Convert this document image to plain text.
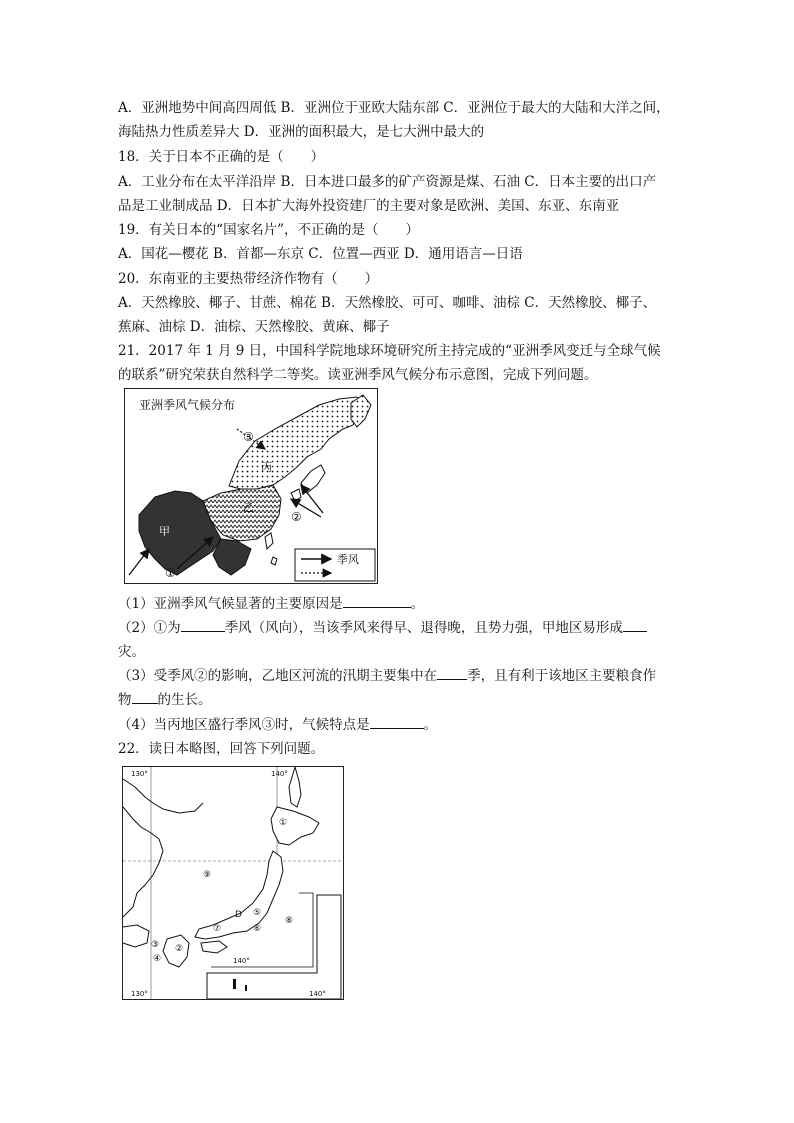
A．亚洲地势中间高四周低 B．亚洲位于亚欧大陆东部 C．亚洲位于最大的大陆和大洋之间，
海陆热力性质差异大 D．亚洲的面积最大，是七大洲中最大的
18．关于日本不正确的是（　　）
A．工业分布在太平洋沿岸 B．日本进口最多的矿产资源是煤、石油 C．日本主要的出口产
品是工业制成品 D．日本扩大海外投资建厂的主要对象是欧洲、美国、东亚、东南亚
19．有关日本的“国家名片”，不正确的是（　　）
A．国花—樱花 B．首都—东京 C．位置—西亚 D．通用语言—日语
20．东南亚的主要热带经济作物有（　　）
A．天然橡胶、椰子、甘蔗、棉花 B．天然橡胶、可可、咖啡、油棕 C．天然橡胶、椰子、
蕉麻、油棕 D．油棕、天然橡胶、黄麻、椰子
21．2017 年 1 月 9 日，中国科学院地球环境研究所主持完成的“亚洲季风变迁与全球气候
的联系”研究荣获自然科学二等奖。读亚洲季风气候分布示意图，完成下列问题。
亚洲季风气候分布
甲
乙
丙
①
②
③
季风
（1）亚洲季风气候显著的主要原因是	。
（2）①为	季风（风向），当该季风来得早、退得晚，且势力强，甲地区易形成
灾。
（3）受季风②的影响，乙地区河流的汛期主要集中在 季，且有利于该地区主要粮食作
物 的生长。
（4）当丙地区盛行季风③时，气候特点是	。
22．读日本略图，回答下列问题。
130°	140°
130°	140°
140°
①
②
③
④
⑤
⑥
⑦
⑧
⑨
D
